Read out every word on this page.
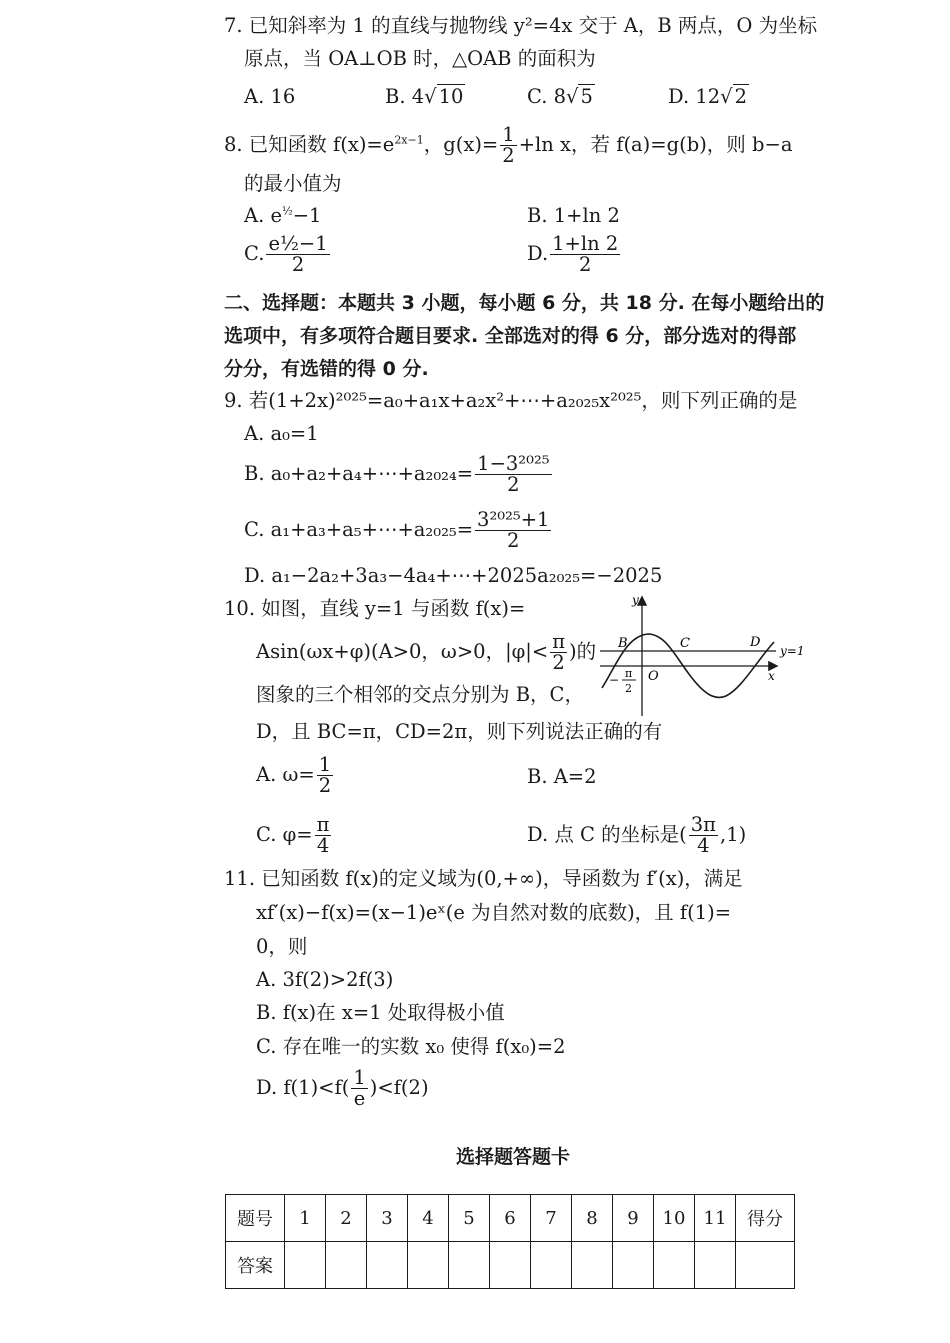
7. 已知斜率为 1 的直线与抛物线 y²=4x 交于 A，B 两点，O 为坐标
原点，当 OA⊥OB 时，△OAB 的面积为
A. 16	B. 4√ 10	C. 8√ 5	D. 12√ 2
8. 已知函数 $f(x)=e^{2x-1}$，$g(x)= \frac{1}{2} +\ln$ x，若 f(a)=g(b)，则 b−a
的最小值为
A. $e^{\frac{1}{2}}-1$	B. 1+ln 2
C. $\frac{\text{e½−1}}{2}$	D. $\frac{1+\ln 2}{2}$
二、选择题：本题共 3 小题，每小题 6 分，共 18 分. 在每小题给出的
选项中，有多项符合题目要求. 全部选对的得 6 分，部分选对的得部
分分，有选错的得 0 分.
9. 若(1+2x)²⁰²⁵=a₀+a₁x+a₂x²+⋯+a₂₀₂₅x²⁰²⁵，则下列正确的是
A. a₀=1
B. a₀+a₂+a₄+⋯+a₂₀₂₄= $\frac{\text{1−3²⁰²⁵}}{2}$
C. a₁+a₃+a₅+⋯+a₂₀₂₅= $\frac{\text{3²⁰²⁵+1}}{2}$
D. a₁−2a₂+3a₃−4a₄+⋯+2025a₂₀₂₅=−2025
10. 如图，直线 y=1 与函数 f(x)=
Asin(ωx+φ)(A>0，ω>0，$|\varphi|< \frac{\pi}{2}$ )的
图象的三个相邻的交点分别为 B，C，
D，且 BC=π，CD=2π，则下列说法正确的有
A. $\omega= \frac{1}{2}$	B. A=2
C. $\varphi= \frac{\pi}{4}$	D. 点 C 的坐标是( $\frac{3\pi}{4} ,1$)
y
x
O
B	C	D
y=1
− π
2
11. 已知函数 f(x)的定义域为(0,+∞)，导函数为 f′(x)，满足
xf′(x)−f(x)=(x−1)eˣ(e 为自然对数的底数)，且 f(1)=
0，则
A. 3f(2)>2f(3)
B. f(x)在 x=1 处取得极小值
C. 存在唯一的实数 x₀ 使得 f(x₀)=2
D. $f(1)<f( \frac{1}{e} )<f(2)$
选择题答题卡
题号	1	2	3	4	5	6	7	8	9	10	11	得分
答案												
